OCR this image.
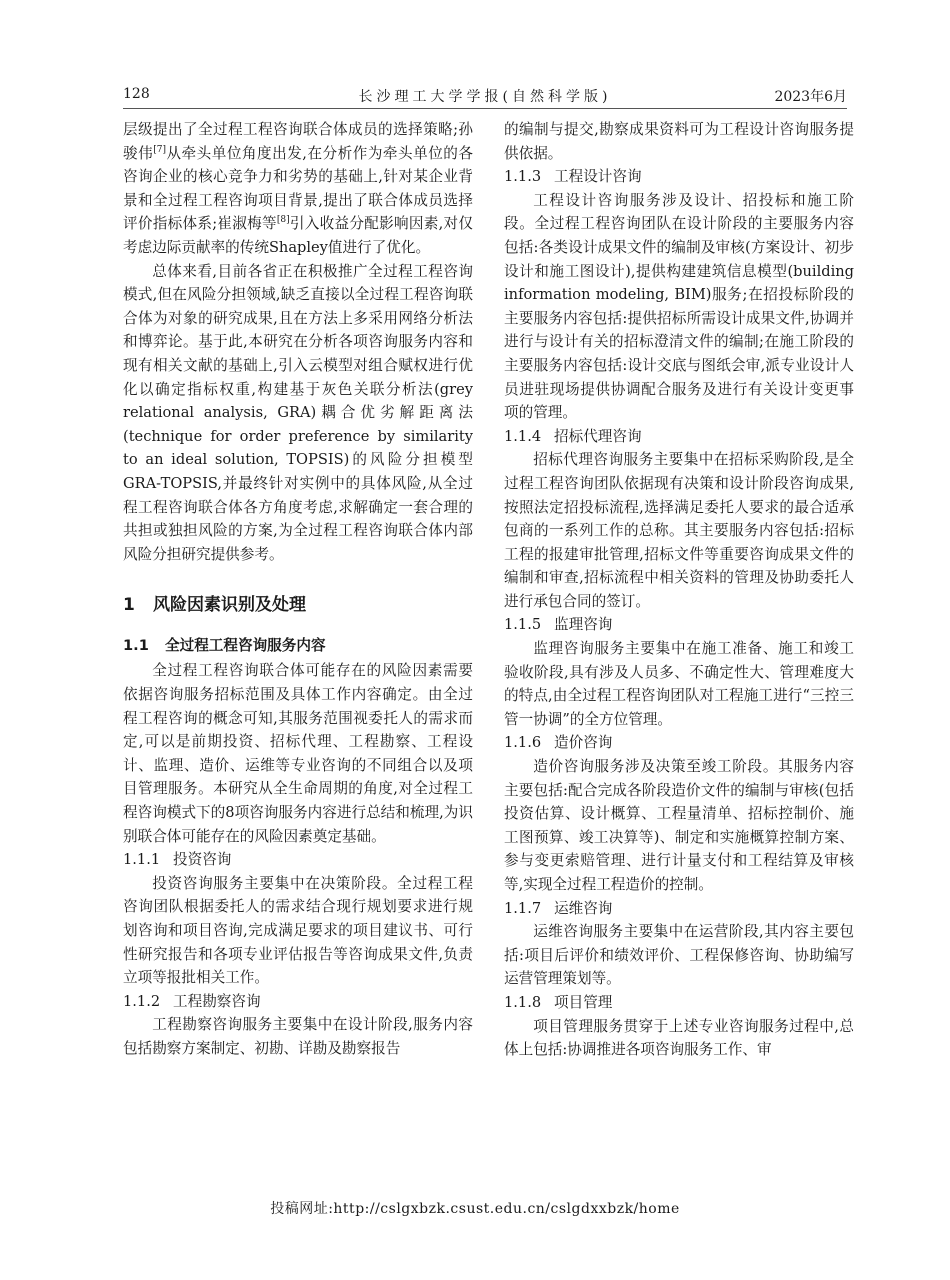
128	长沙理工大学学报(自然科学版)	2023年6月

层级提出了全过程工程咨询联合体成员的选择策略;孙骏伟[7]从牵头单位角度出发,在分析作为牵头单位的各咨询企业的核心竞争力和劣势的基础上,针对某企业背景和全过程工程咨询项目背景,提出了联合体成员选择评价指标体系;崔淑梅等[8]引入收益分配影响因素,对仅考虑边际贡献率的传统Shapley值进行了优化。

总体来看,目前各省正在积极推广全过程工程咨询模式,但在风险分担领域,缺乏直接以全过程工程咨询联合体为对象的研究成果,且在方法上多采用网络分析法和博弈论。基于此,本研究在分析各项咨询服务内容和现有相关文献的基础上,引入云模型对组合赋权进行优化以确定指标权重,构建基于灰色关联分析法(grey relational analysis, GRA)耦合优劣解距离法(technique for order preference by similarity to an ideal solution, TOPSIS)的风险分担模型GRA-TOPSIS,并最终针对实例中的具体风险,从全过程工程咨询联合体各方角度考虑,求解确定一套合理的共担或独担风险的方案,为全过程工程咨询联合体内部风险分担研究提供参考。

1 风险因素识别及处理
1.1 全过程工程咨询服务内容

全过程工程咨询联合体可能存在的风险因素需要依据咨询服务招标范围及具体工作内容确定。由全过程工程咨询的概念可知,其服务范围视委托人的需求而定,可以是前期投资、招标代理、工程勘察、工程设计、监理、造价、运维等专业咨询的不同组合以及项目管理服务。本研究从全生命周期的角度,对全过程工程咨询模式下的8项咨询服务内容进行总结和梳理,为识别联合体可能存在的风险因素奠定基础。

1.1.1 投资咨询

投资咨询服务主要集中在决策阶段。全过程工程咨询团队根据委托人的需求结合现行规划要求进行规划咨询和项目咨询,完成满足要求的项目建议书、可行性研究报告和各项专业评估报告等咨询成果文件,负责立项等报批相关工作。

1.1.2 工程勘察咨询

工程勘察咨询服务主要集中在设计阶段,服务内容包括勘察方案制定、初勘、详勘及勘察报告

的编制与提交,勘察成果资料可为工程设计咨询服务提供依据。

1.1.3 工程设计咨询

工程设计咨询服务涉及设计、招投标和施工阶段。全过程工程咨询团队在设计阶段的主要服务内容包括:各类设计成果文件的编制及审核(方案设计、初步设计和施工图设计),提供构建建筑信息模型(building information modeling, BIM)服务;在招投标阶段的主要服务内容包括:提供招标所需设计成果文件,协调并进行与设计有关的招标澄清文件的编制;在施工阶段的主要服务内容包括:设计交底与图纸会审,派专业设计人员进驻现场提供协调配合服务及进行有关设计变更事项的管理。

1.1.4 招标代理咨询

招标代理咨询服务主要集中在招标采购阶段,是全过程工程咨询团队依据现有决策和设计阶段咨询成果,按照法定招投标流程,选择满足委托人要求的最合适承包商的一系列工作的总称。其主要服务内容包括:招标工程的报建审批管理,招标文件等重要咨询成果文件的编制和审查,招标流程中相关资料的管理及协助委托人进行承包合同的签订。

1.1.5 监理咨询

监理咨询服务主要集中在施工准备、施工和竣工验收阶段,具有涉及人员多、不确定性大、管理难度大的特点,由全过程工程咨询团队对工程施工进行“三控三管一协调”的全方位管理。

1.1.6 造价咨询

造价咨询服务涉及决策至竣工阶段。其服务内容主要包括:配合完成各阶段造价文件的编制与审核(包括投资估算、设计概算、工程量清单、招标控制价、施工图预算、竣工决算等)、制定和实施概算控制方案、参与变更索赔管理、进行计量支付和工程结算及审核等,实现全过程工程造价的控制。

1.1.7 运维咨询

运维咨询服务主要集中在运营阶段,其内容主要包括:项目后评价和绩效评价、工程保修咨询、协助编写运营管理策划等。

1.1.8 项目管理

项目管理服务贯穿于上述专业咨询服务过程中,总体上包括:协调推进各项咨询服务工作、审

投稿网址:http://cslgxbzk.csust.edu.cn/cslgdxxbzk/home
